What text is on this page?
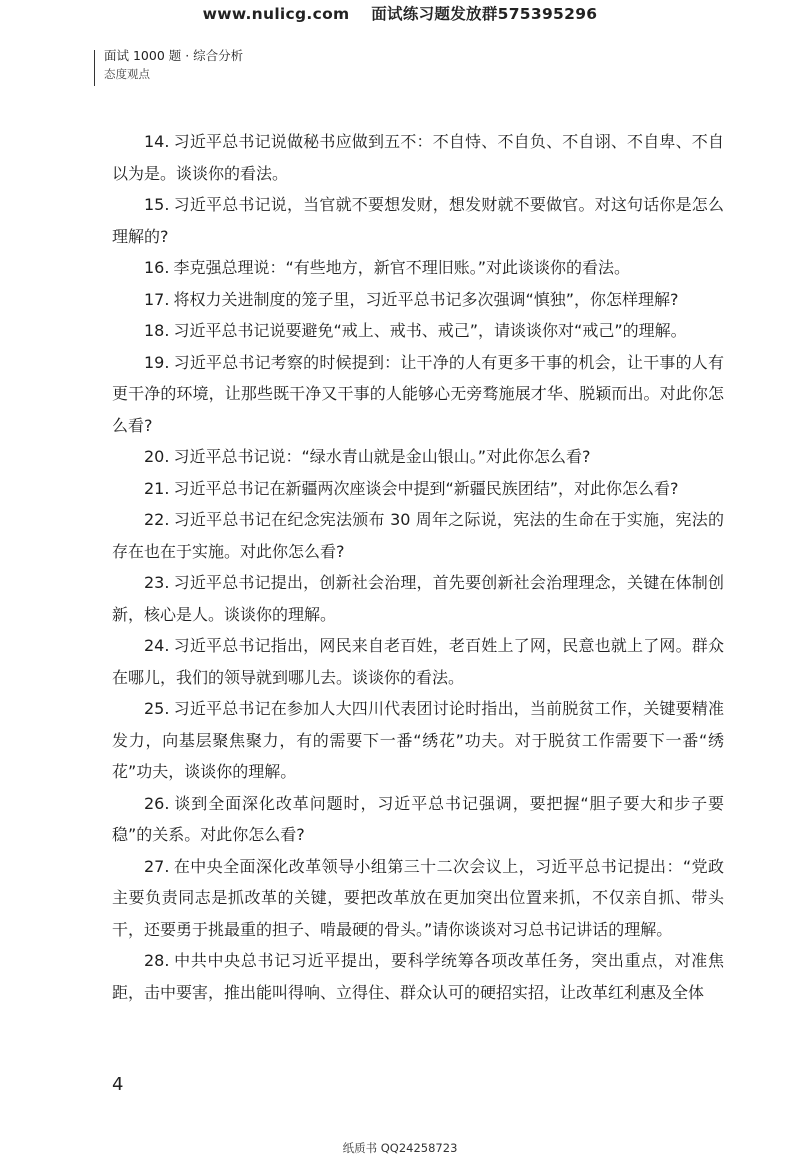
www.nulicg.com 面试练习题发放群575395296
面试 1000 题 · 综合分析
态度观点

14. 习近平总书记说做秘书应做到五不：不自恃、不自负、不自诩、不自卑、不自以为是。谈谈你的看法。

15. 习近平总书记说，当官就不要想发财，想发财就不要做官。对这句话你是怎么理解的?

16. 李克强总理说：“有些地方，新官不理旧账。”对此谈谈你的看法。

17. 将权力关进制度的笼子里，习近平总书记多次强调“慎独”，你怎样理解?

18. 习近平总书记说要避免“戒上、戒书、戒己”，请谈谈你对“戒己”的理解。

19. 习近平总书记考察的时候提到：让干净的人有更多干事的机会，让干事的人有更干净的环境，让那些既干净又干事的人能够心无旁骛施展才华、脱颖而出。对此你怎么看?

20. 习近平总书记说：“绿水青山就是金山银山。”对此你怎么看?

21. 习近平总书记在新疆两次座谈会中提到“新疆民族团结”，对此你怎么看?

22. 习近平总书记在纪念宪法颁布 30 周年之际说，宪法的生命在于实施，宪法的存在也在于实施。对此你怎么看?

23. 习近平总书记提出，创新社会治理，首先要创新社会治理理念，关键在体制创新，核心是人。谈谈你的理解。

24. 习近平总书记指出，网民来自老百姓，老百姓上了网，民意也就上了网。群众在哪儿，我们的领导就到哪儿去。谈谈你的看法。

25. 习近平总书记在参加人大四川代表团讨论时指出，当前脱贫工作，关键要精准发力，向基层聚焦聚力，有的需要下一番“绣花”功夫。对于脱贫工作需要下一番“绣花”功夫，谈谈你的理解。

26. 谈到全面深化改革问题时，习近平总书记强调，要把握“胆子要大和步子要稳”的关系。对此你怎么看?

27. 在中央全面深化改革领导小组第三十二次会议上，习近平总书记提出：“党政主要负责同志是抓改革的关键，要把改革放在更加突出位置来抓，不仅亲自抓、带头干，还要勇于挑最重的担子、啃最硬的骨头。”请你谈谈对习总书记讲话的理解。

28. 中共中央总书记习近平提出，要科学统筹各项改革任务，突出重点，对准焦距，击中要害，推出能叫得响、立得住、群众认可的硬招实招，让改革红利惠及全体

4
纸质书 QQ24258723
